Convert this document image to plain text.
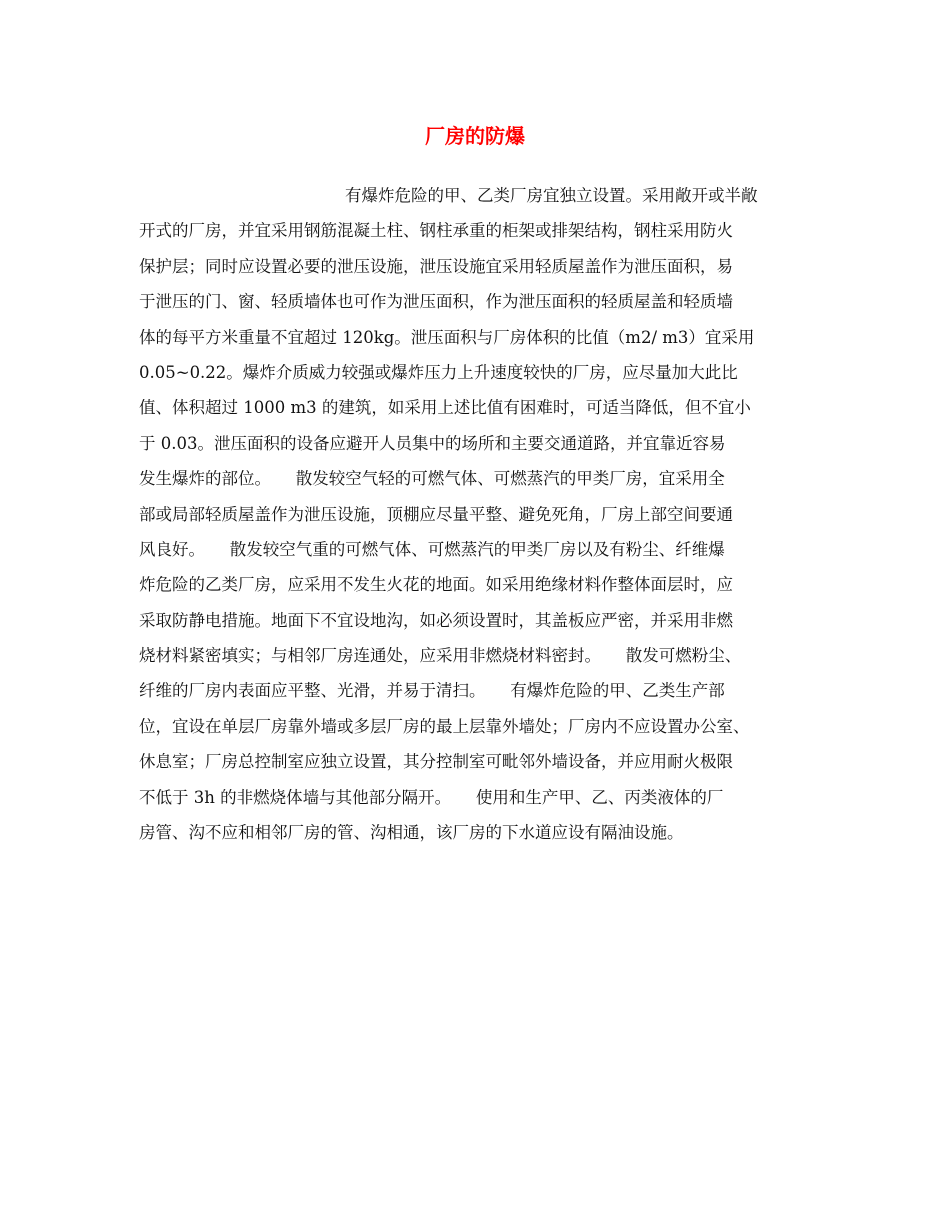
厂房的防爆
有爆炸危险的甲、乙类厂房宜独立设置。采用敞开或半敞
开式的厂房，并宜采用钢筋混凝土柱、钢柱承重的柜架或排架结构，钢柱采用防火
保护层；同时应设置必要的泄压设施，泄压设施宜采用轻质屋盖作为泄压面积，易
于泄压的门、窗、轻质墙体也可作为泄压面积，作为泄压面积的轻质屋盖和轻质墙
体的每平方米重量不宜超过 120kg。泄压面积与厂房体积的比值（m2/ m3）宜采用
0.05~0.22。爆炸介质威力较强或爆炸压力上升速度较快的厂房，应尽量加大此比
值、体积超过 1000 m3 的建筑，如采用上述比值有困难时，可适当降低，但不宜小
于 0.03。泄压面积的设备应避开人员集中的场所和主要交通道路，并宜靠近容易
发生爆炸的部位。　　散发较空气轻的可燃气体、可燃蒸汽的甲类厂房，宜采用全
部或局部轻质屋盖作为泄压设施，顶棚应尽量平整、避免死角，厂房上部空间要通
风良好。　　散发较空气重的可燃气体、可燃蒸汽的甲类厂房以及有粉尘、纤维爆
炸危险的乙类厂房，应采用不发生火花的地面。如采用绝缘材料作整体面层时，应
采取防静电措施。地面下不宜设地沟，如必须设置时，其盖板应严密，并采用非燃
烧材料紧密填实；与相邻厂房连通处，应采用非燃烧材料密封。　　散发可燃粉尘、
纤维的厂房内表面应平整、光滑，并易于清扫。　　有爆炸危险的甲、乙类生产部
位，宜设在单层厂房靠外墙或多层厂房的最上层靠外墙处；厂房内不应设置办公室、
休息室；厂房总控制室应独立设置，其分控制室可毗邻外墙设备，并应用耐火极限
不低于 3h 的非燃烧体墙与其他部分隔开。　　使用和生产甲、乙、丙类液体的厂
房管、沟不应和相邻厂房的管、沟相通，该厂房的下水道应设有隔油设施。
